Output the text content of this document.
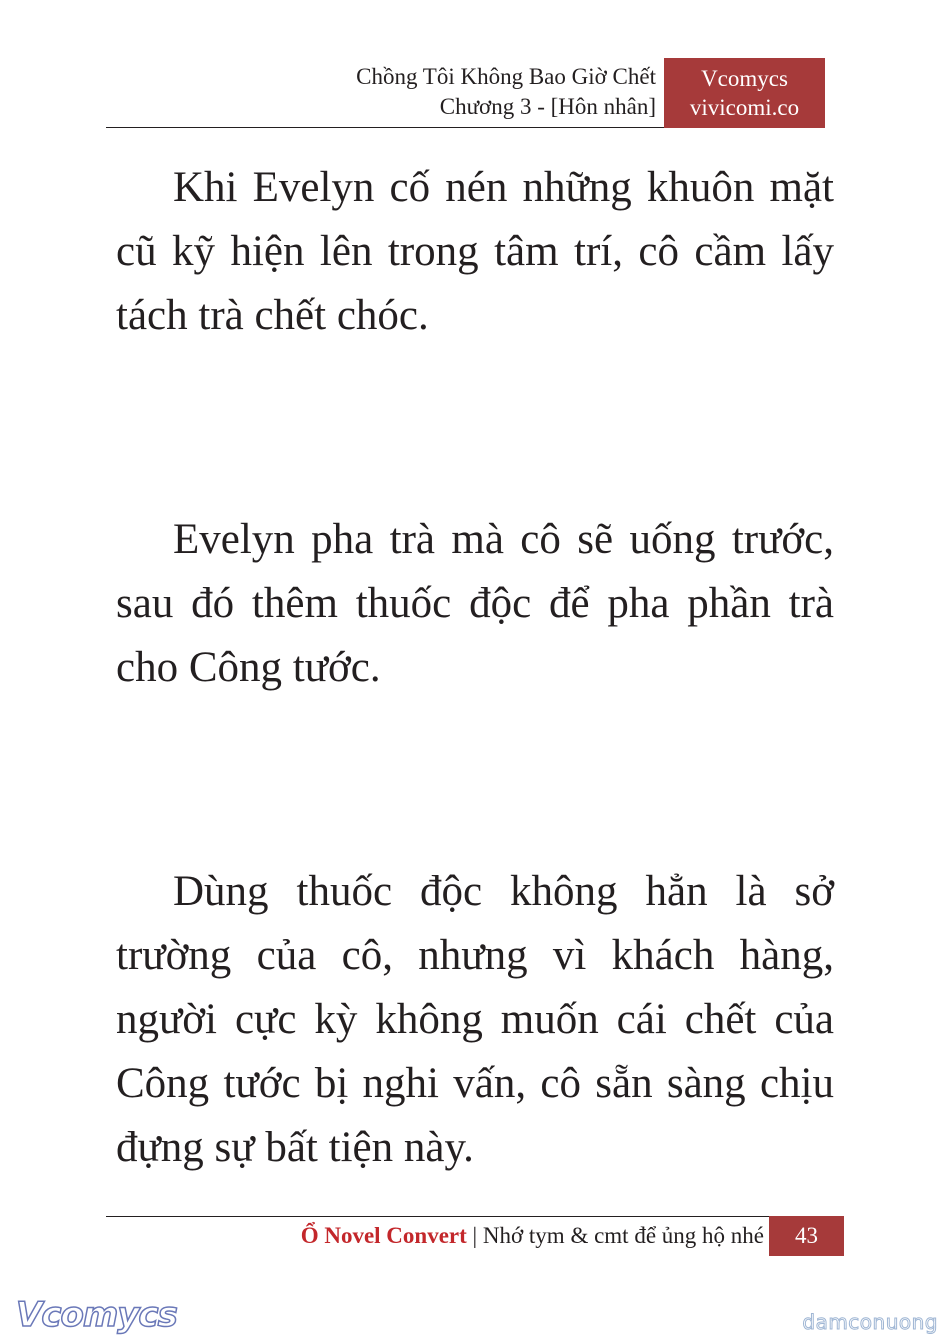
Chồng Tôi Không Bao Giờ Chết
Chương 3 - [Hôn nhân]
Vcomycs
vivicomi.co

Khi Evelyn cố nén những khuôn mặt cũ kỹ hiện lên trong tâm trí, cô cầm lấy tách trà chết chóc.

Evelyn pha trà mà cô sẽ uống trước, sau đó thêm thuốc độc để pha phần trà cho Công tước.

Dùng thuốc độc không hẳn là sở trường của cô, nhưng vì khách hàng, người cực kỳ không muốn cái chết của Công tước bị nghi vấn, cô sẵn sàng chịu đựng sự bất tiện này.

Ổ Novel Convert | Nhớ tym & cmt để ủng hộ nhé	43
Vcomycs	damconuong
